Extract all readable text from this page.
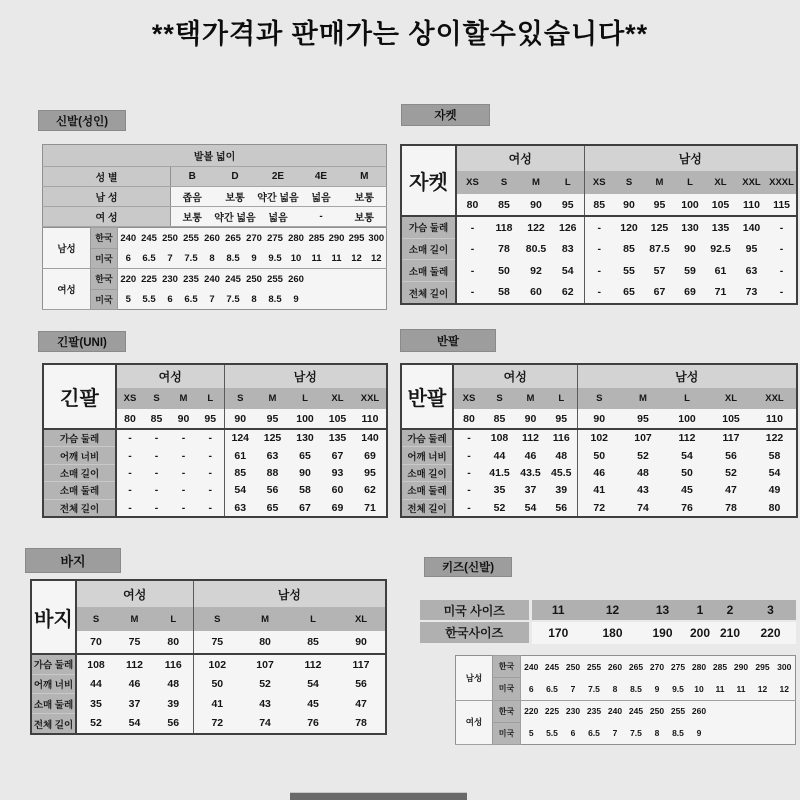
**택가격과 판매가는 상이할수있습니다**
신발(성인)
발볼 넓이					
성 별	B	D	2E	4E	M
남 성	좁음	보통	약간 넓음	넓음	보통
여 성	보통	약간 넓음	넓음	-	보통
남성	한국	240	245	250	255	260	265	270	275	280	285	290	295	300
	미국	6	6.5	7	7.5	8	8.5	9	9.5	10	11	11	12	12
여성	한국	220	225	230	235	240	245	250	255	260				
	미국	5	5.5	6	6.5	7	7.5	8	8.5	9				
자켓
자켓	여성				남성						
	XS	S	M	L	XS	S	M	L	XL	XXL	XXXL
	80	85	90	95	85	90	95	100	105	110	115
가슴 둘레	-	118	122	126	-	120	125	130	135	140	-
소매 길이	-	78	80.5	83	-	85	87.5	90	92.5	95	-
소매 둘레	-	50	92	54	-	55	57	59	61	63	-
전체 길이	-	58	60	62	-	65	67	69	71	73	-
긴팔(UNI)
긴팔	여성				남성				
	XS	S	M	L	S	M	L	XL	XXL
	80	85	90	95	90	95	100	105	110
가슴 둘레	-	-	-	-	124	125	130	135	140
어깨 너비	-	-	-	-	61	63	65	67	69
소매 길이	-	-	-	-	85	88	90	93	95
소매 둘레	-	-	-	-	54	56	58	60	62
전체 길이	-	-	-	-	63	65	67	69	71
반팔
반팔	여성				남성				
	XS	S	M	L	S	M	L	XL	XXL
	80	85	90	95	90	95	100	105	110
가슴 둘레	-	108	112	116	102	107	112	117	122
어깨 너비	-	44	46	48	50	52	54	56	58
소매 길이	-	41.5	43.5	45.5	46	48	50	52	54
소매 둘레	-	35	37	39	41	43	45	47	49
전체 길이	-	52	54	56	72	74	76	78	80
바지
바지	여성			남성			
	S	M	L	S	M	L	XL
	70	75	80	75	80	85	90
가슴 둘레	108	112	116	102	107	112	117
어깨 너비	44	46	48	50	52	54	56
소매 둘레	35	37	39	41	43	45	47
전체 길이	52	54	56	72	74	76	78
키즈(신발)
미국 사이즈	11	12	13	1	2	3
한국사이즈	170	180	190	200	210	220
남성	한국	240	245	250	255	260	265	270	275	280	285	290	295	300
	미국	6	6.5	7	7.5	8	8.5	9	9.5	10	11	11	12	12
여성	한국	220	225	230	235	240	245	250	255	260				
	미국	5	5.5	6	6.5	7	7.5	8	8.5	9				
